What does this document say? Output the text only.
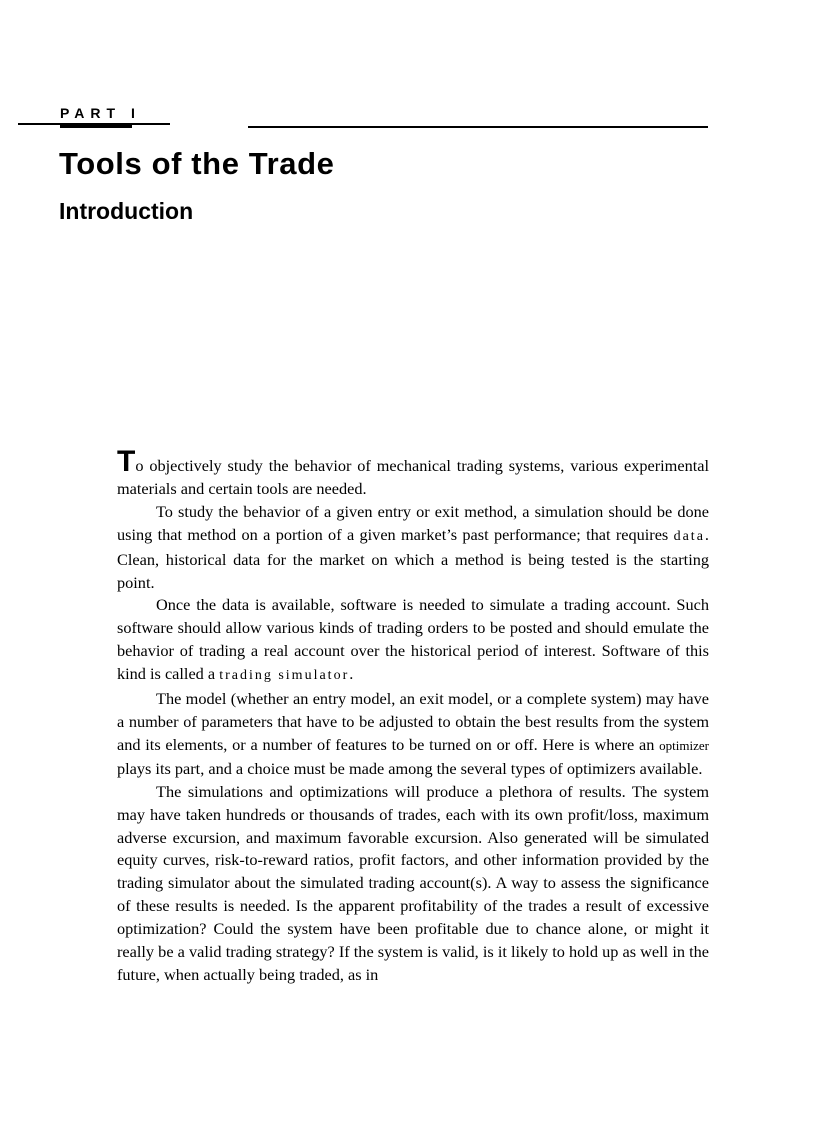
PART I
Tools of the Trade
Introduction

To objectively study the behavior of mechanical trading systems, various experimental materials and certain tools are needed.

To study the behavior of a given entry or exit method, a simulation should be done using that method on a portion of a given market’s past performance; that requires data. Clean, historical data for the market on which a method is being tested is the starting point.

Once the data is available, software is needed to simulate a trading account. Such software should allow various kinds of trading orders to be posted and should emulate the behavior of trading a real account over the historical period of interest. Software of this kind is called a trading simulator.

The model (whether an entry model, an exit model, or a complete system) may have a number of parameters that have to be adjusted to obtain the best results from the system and its elements, or a number of features to be turned on or off. Here is where an optimizer plays its part, and a choice must be made among the several types of optimizers available.

The simulations and optimizations will produce a plethora of results. The system may have taken hundreds or thousands of trades, each with its own profit/loss, maximum adverse excursion, and maximum favorable excursion. Also generated will be simulated equity curves, risk-to-reward ratios, profit factors, and other information provided by the trading simulator about the simulated trading account(s). A way to assess the significance of these results is needed. Is the apparent profitability of the trades a result of excessive optimization? Could the system have been profitable due to chance alone, or might it really be a valid trading strategy? If the system is valid, is it likely to hold up as well in the future, when actually being traded, as in
